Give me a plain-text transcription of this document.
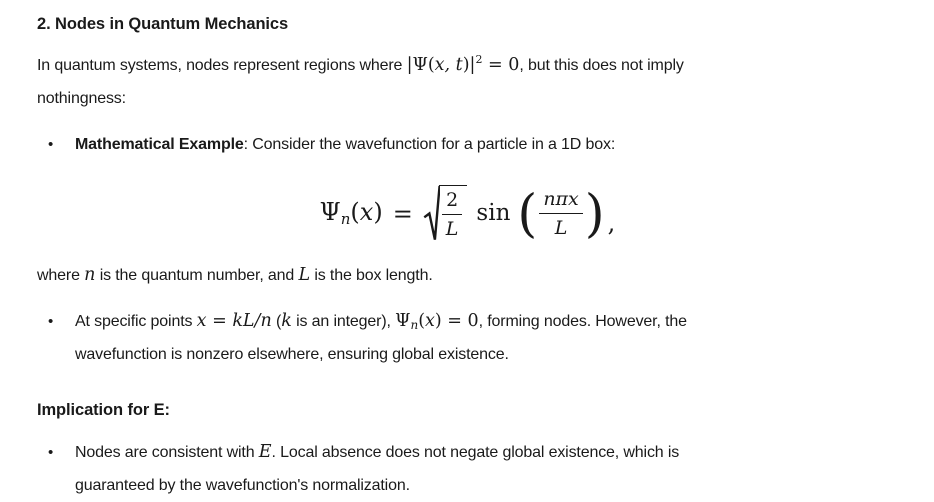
2. Nodes in Quantum Mechanics

In quantum systems, nodes represent regions where |Ψ(x, $t)|^2 = 0$, but this does not imply
nothingness:

• Mathematical Example: Consider the wavefunction for a particle in a 1D box:
$\Psi n(x) = \frac{2}{L}$ sin ( $\frac{\text{nπx}}{L}$ ) ,

where n is the quantum number, and L is the box length.

• At specific points x = kL/n (k is an integer), $\Psi_n(x) = 0$, forming nodes. However, the
wavefunction is nonzero elsewhere, ensuring global existence.
Implication for E:
• Nodes are consistent with E. Local absence does not negate global existence, which is
guaranteed by the wavefunction's normalization.
